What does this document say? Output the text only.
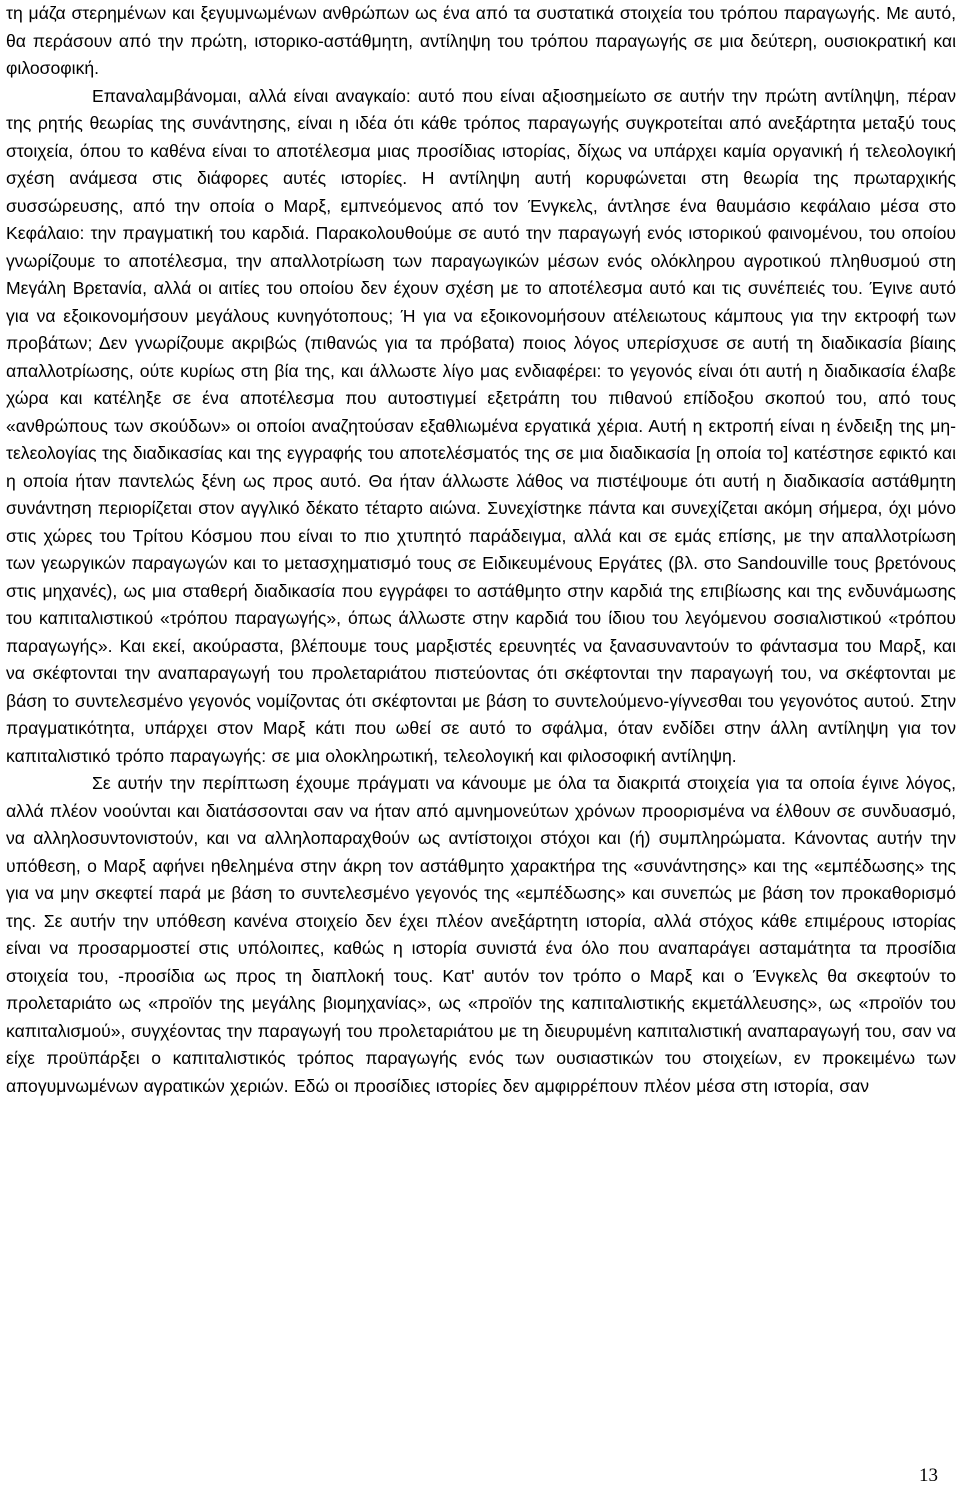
τη μάζα στερημένων και ξεγυμνωμένων ανθρώπων ως ένα από τα συστατικά στοιχεία του τρόπου παραγωγής. Με αυτό, θα περάσουν από την πρώτη, ιστορικο-αστάθμητη, αντίληψη του τρόπου παραγωγής σε μια δεύτερη, ουσιοκρατική και φιλοσοφική.

Επαναλαμβάνομαι, αλλά είναι αναγκαίο: αυτό που είναι αξιοσημείωτο σε αυτήν την πρώτη αντίληψη, πέραν της ρητής θεωρίας της συνάντησης, είναι η ιδέα ότι κάθε τρόπος παραγωγής συγκροτείται από ανεξάρτητα μεταξύ τους στοιχεία, όπου το καθένα είναι το αποτέλεσμα μιας προσίδιας ιστορίας, δίχως να υπάρχει καμία οργανική ή τελεολογική σχέση ανάμεσα στις διάφορες αυτές ιστορίες. Η αντίληψη αυτή κορυφώνεται στη θεωρία της πρωταρχικής συσσώρευσης, από την οποία ο Μαρξ, εμπνεόμενος από τον Ένγκελς, άντλησε ένα θαυμάσιο κεφάλαιο μέσα στο Κεφάλαιο: την πραγματική του καρδιά. Παρακολουθούμε σε αυτό την παραγωγή ενός ιστορικού φαινομένου, του οποίου γνωρίζουμε το αποτέλεσμα, την απαλλοτρίωση των παραγωγικών μέσων ενός ολόκληρου αγροτικού πληθυσμού στη Μεγάλη Βρετανία, αλλά οι αιτίες του οποίου δεν έχουν σχέση με το αποτέλεσμα αυτό και τις συνέπειές του. Έγινε αυτό για να εξοικονομήσουν μεγάλους κυνηγότοπους; Ή για να εξοικονομήσουν ατέλειωτους κάμπους για την εκτροφή των προβάτων; Δεν γνωρίζουμε ακριβώς (πιθανώς για τα πρόβατα) ποιος λόγος υπερίσχυσε σε αυτή τη διαδικασία βίαιης απαλλοτρίωσης, ούτε κυρίως στη βία της, και άλλωστε λίγο μας ενδιαφέρει: το γεγονός είναι ότι αυτή η διαδικασία έλαβε χώρα και κατέληξε σε ένα αποτέλεσμα που αυτοστιγμεί εξετράπη του πιθανού επίδοξου σκοπού του, από τους «ανθρώπους των σκούδων» οι οποίοι αναζητούσαν εξαθλιωμένα εργατικά χέρια. Αυτή η εκτροπή είναι η ένδειξη της μη-τελεολογίας της διαδικασίας και της εγγραφής του αποτελέσματός της σε μια διαδικασία [η οποία το] κατέστησε εφικτό και η οποία ήταν παντελώς ξένη ως προς αυτό. Θα ήταν άλλωστε λάθος να πιστέψουμε ότι αυτή η διαδικασία αστάθμητη συνάντηση περιορίζεται στον αγγλικό δέκατο τέταρτο αιώνα. Συνεχίστηκε πάντα και συνεχίζεται ακόμη σήμερα, όχι μόνο στις χώρες του Τρίτου Κόσμου που είναι το πιο χτυπητό παράδειγμα, αλλά και σε εμάς επίσης, με την απαλλοτρίωση των γεωργικών παραγωγών και το μετασχηματισμό τους σε Ειδικευμένους Εργάτες (βλ. στο Sandouville τους βρετόνους στις μηχανές), ως μια σταθερή διαδικασία που εγγράφει το αστάθμητο στην καρδιά της επιβίωσης και της ενδυνάμωσης του καπιταλιστικού «τρόπου παραγωγής», όπως άλλωστε στην καρδιά του ίδιου του λεγόμενου σοσιαλιστικού «τρόπου παραγωγής». Και εκεί, ακούραστα, βλέπουμε τους μαρξιστές ερευνητές να ξανασυναντούν το φάντασμα του Μαρξ, και να σκέφτονται την αναπαραγωγή του προλεταριάτου πιστεύοντας ότι σκέφτονται την παραγωγή του, να σκέφτονται με βάση το συντελεσμένο γεγονός νομίζοντας ότι σκέφτονται με βάση το συντελούμενο-γίγνεσθαι του γεγονότος αυτού. Στην πραγματικότητα, υπάρχει στον Μαρξ κάτι που ωθεί σε αυτό το σφάλμα, όταν ενδίδει στην άλλη αντίληψη για τον καπιταλιστικό τρόπο παραγωγής: σε μια ολοκληρωτική, τελεολογική και φιλοσοφική αντίληψη.

Σε αυτήν την περίπτωση έχουμε πράγματι να κάνουμε με όλα τα διακριτά στοιχεία για τα οποία έγινε λόγος, αλλά πλέον νοούνται και διατάσσονται σαν να ήταν από αμνημονεύτων χρόνων προορισμένα να έλθουν σε συνδυασμό, να αλληλοσυντονιστούν, και να αλληλοπαραχθούν ως αντίστοιχοι στόχοι και (ή) συμπληρώματα. Κάνοντας αυτήν την υπόθεση, ο Μαρξ αφήνει ηθελημένα στην άκρη τον αστάθμητο χαρακτήρα της «συνάντησης» και της «εμπέδωσης» της για να μην σκεφτεί παρά με βάση το συντελεσμένο γεγονός της «εμπέδωσης» και συνεπώς με βάση τον προκαθορισμό της. Σε αυτήν την υπόθεση κανένα στοιχείο δεν έχει πλέον ανεξάρτητη ιστορία, αλλά στόχος κάθε επιμέρους ιστορίας είναι να προσαρμοστεί στις υπόλοιπες, καθώς η ιστορία συνιστά ένα όλο που αναπαράγει ασταμάτητα τα προσίδια στοιχεία του, -προσίδια ως προς τη διαπλοκή τους. Κατ' αυτόν τον τρόπο ο Μαρξ και ο Ένγκελς θα σκεφτούν το προλεταριάτο ως «προϊόν της μεγάλης βιομηχανίας», ως «προϊόν της καπιταλιστικής εκμετάλλευσης», ως «προϊόν του καπιταλισμού», συγχέοντας την παραγωγή του προλεταριάτου με τη διευρυμένη καπιταλιστική αναπαραγωγή του, σαν να είχε προϋπάρξει ο καπιταλιστικός τρόπος παραγωγής ενός των ουσιαστικών του στοιχείων, εν προκειμένω των απογυμνωμένων αγρατικών χεριών. Εδώ οι προσίδιες ιστορίες δεν αμφιρρέπουν πλέον μέσα στη ιστορία, σαν

13
